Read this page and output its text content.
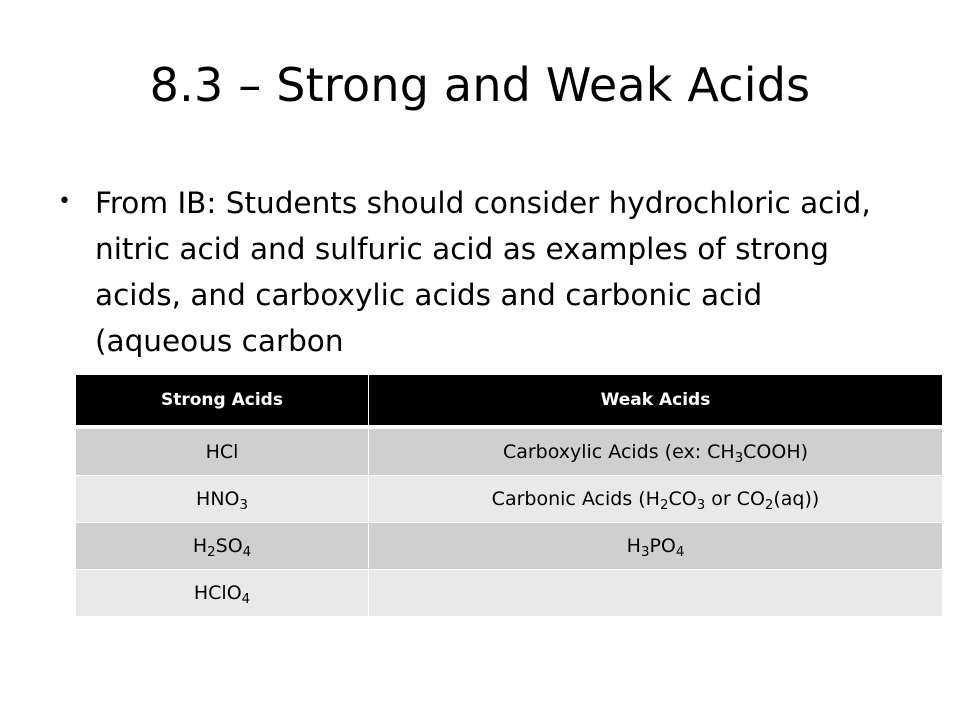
8.3 – Strong and Weak Acids
• From IB: Students should consider hydrochloric acid, nitric acid and sulfuric acid as examples of strong acids, and carboxylic acids and carbonic acid (aqueous carbon
Strong Acids	Weak Acids
HCl	Carboxylic Acids (ex: $CH_3COOH$)
$HNO_3$	Carbonic Acids ($H_2CO_3$ or $CO_2(aq)$)
$H_2SO_4$	$H_3PO_4$
HClO$_4$	
